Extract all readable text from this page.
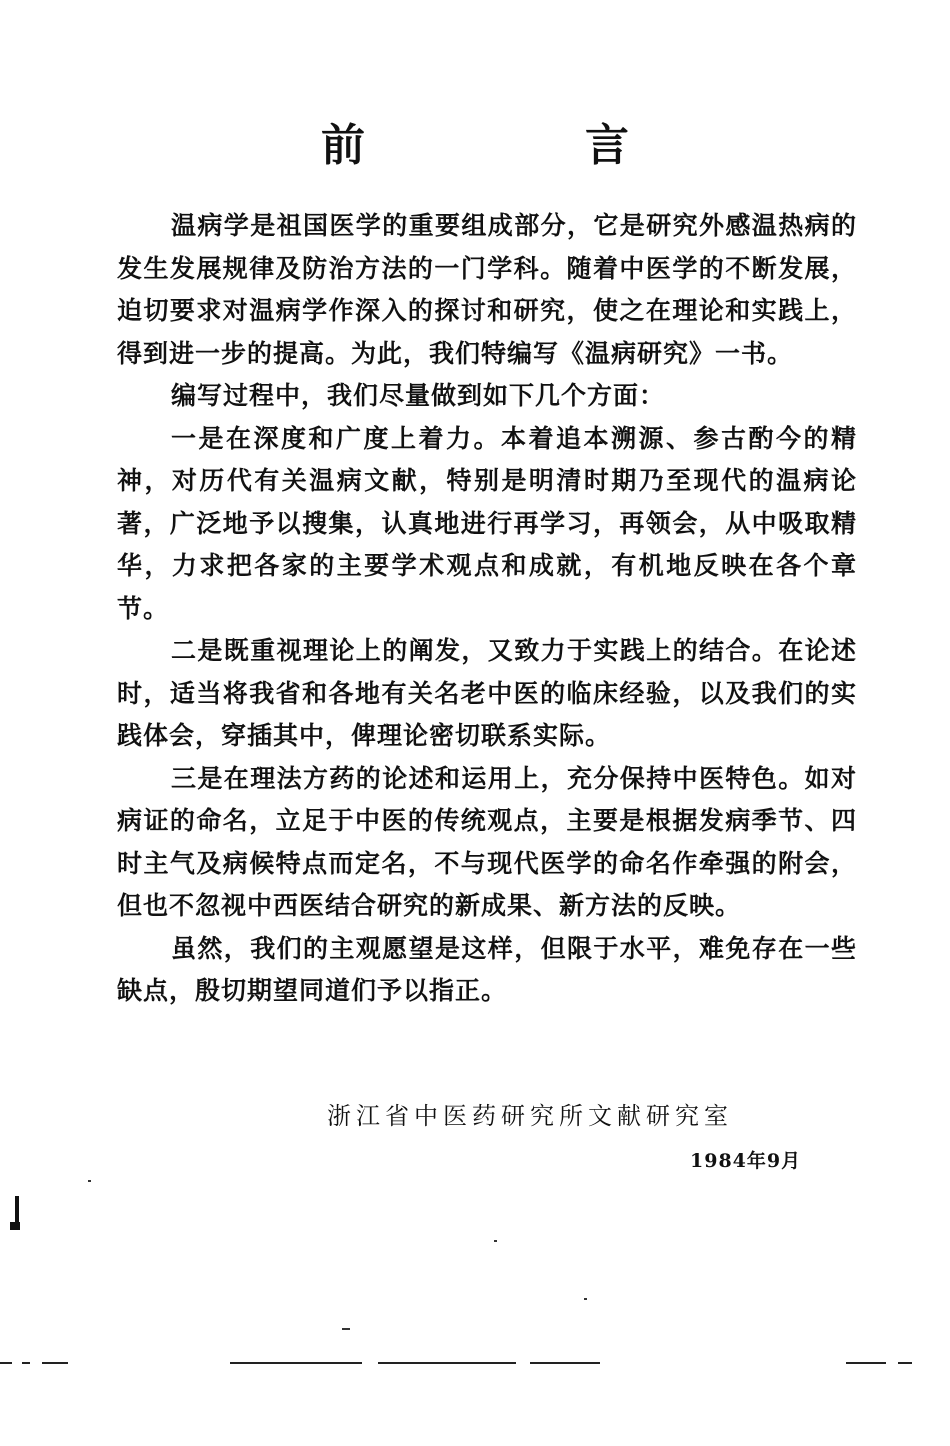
前　言

温病学是祖国医学的重要组成部分，它是研究外感温热病的发生发展规律及防治方法的一门学科。随着中医学的不断发展，迫切要求对温病学作深入的探讨和研究，使之在理论和实践上，得到进一步的提高。为此，我们特编写《温病研究》一书。

编写过程中，我们尽量做到如下几个方面：

一是在深度和广度上着力。本着追本溯源、参古酌今的精神，对历代有关温病文献，特别是明清时期乃至现代的温病论著，广泛地予以搜集，认真地进行再学习，再领会，从中吸取精华，力求把各家的主要学术观点和成就，有机地反映在各个章节。

二是既重视理论上的阐发，又致力于实践上的结合。在论述时，适当将我省和各地有关名老中医的临床经验，以及我们的实践体会，穿插其中，俾理论密切联系实际。

三是在理法方药的论述和运用上，充分保持中医特色。如对病证的命名，立足于中医的传统观点，主要是根据发病季节、四时主气及病候特点而定名，不与现代医学的命名作牵强的附会，但也不忽视中西医结合研究的新成果、新方法的反映。

虽然，我们的主观愿望是这样，但限于水平，难免存在一些缺点，殷切期望同道们予以指正。

浙江省中医药研究所文献研究室
1984年9月
